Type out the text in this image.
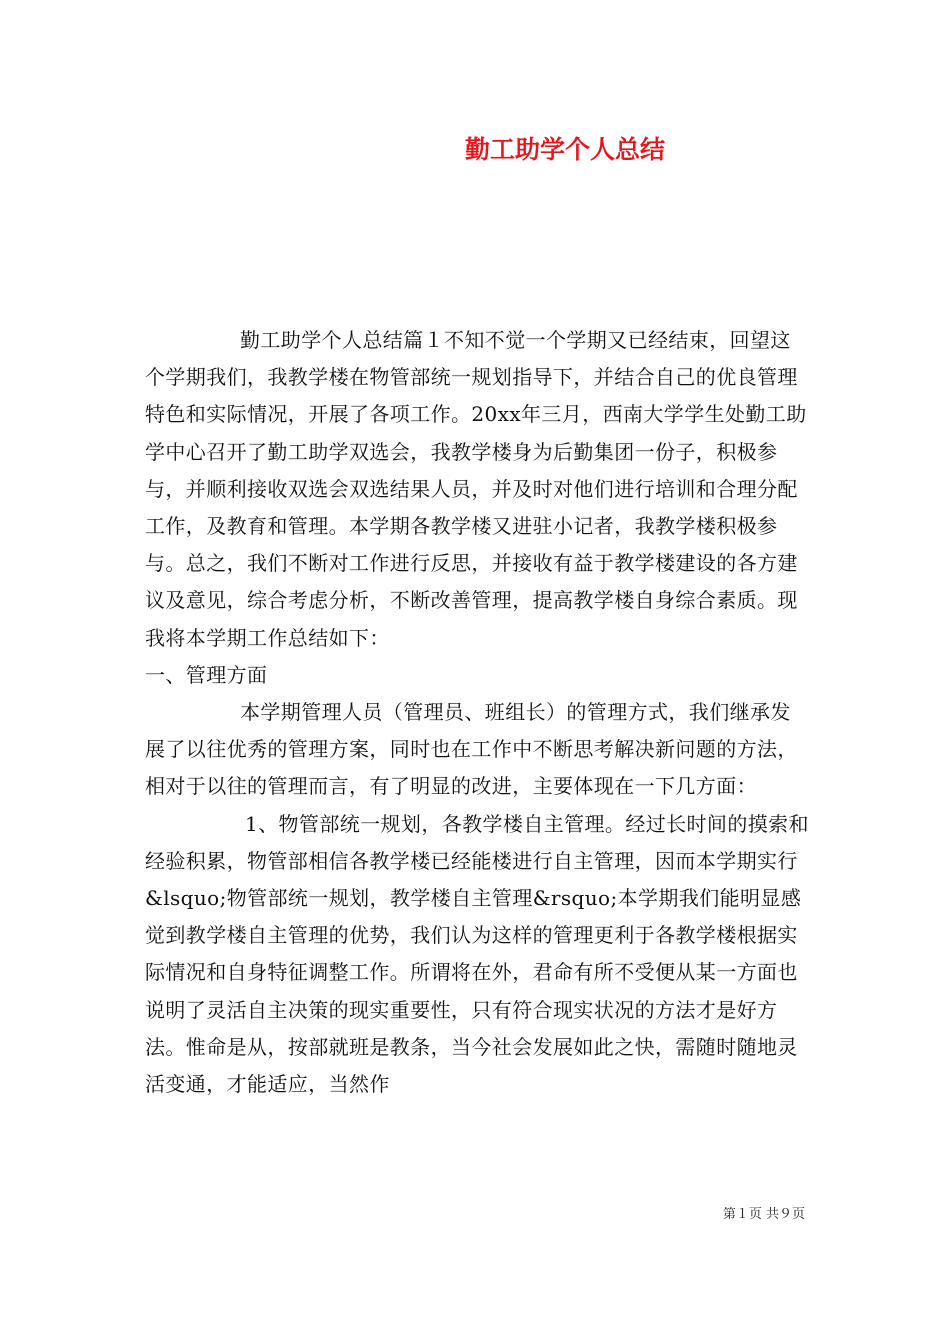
勤工助学个人总结

勤工助学个人总结篇１不知不觉一个学期又已经结束，回望这个学期我们，我教学楼在物管部统一规划指导下，并结合自己的优良管理特色和实际情况，开展了各项工作。20xx年三月，西南大学学生处勤工助学中心召开了勤工助学双选会，我教学楼身为后勤集团一份子，积极参与，并顺利接收双选会双选结果人员，并及时对他们进行培训和合理分配工作，及教育和管理。本学期各教学楼又进驻小记者，我教学楼积极参与。总之，我们不断对工作进行反思，并接收有益于教学楼建设的各方建议及意见，综合考虑分析，不断改善管理，提高教学楼自身综合素质。现我将本学期工作总结如下：

一、管理方面

本学期管理人员（管理员、班组长）的管理方式，我们继承发展了以往优秀的管理方案，同时也在工作中不断思考解决新问题的方法，相对于以往的管理而言，有了明显的改进，主要体现在一下几方面：

1、物管部统一规划，各教学楼自主管理。经过长时间的摸索和经验积累，物管部相信各教学楼已经能楼进行自主管理，因而本学期实行&lsquo;物管部统一规划，教学楼自主管理&rsquo;本学期我们能明显感觉到教学楼自主管理的优势，我们认为这样的管理更利于各教学楼根据实际情况和自身特征调整工作。所谓将在外，君命有所不受便从某一方面也说明了灵活自主决策的现实重要性，只有符合现实状况的方法才是好方法。惟命是从，按部就班是教条，当今社会发展如此之快，需随时随地灵活变通，才能适应，当然作

第１页 共９页
